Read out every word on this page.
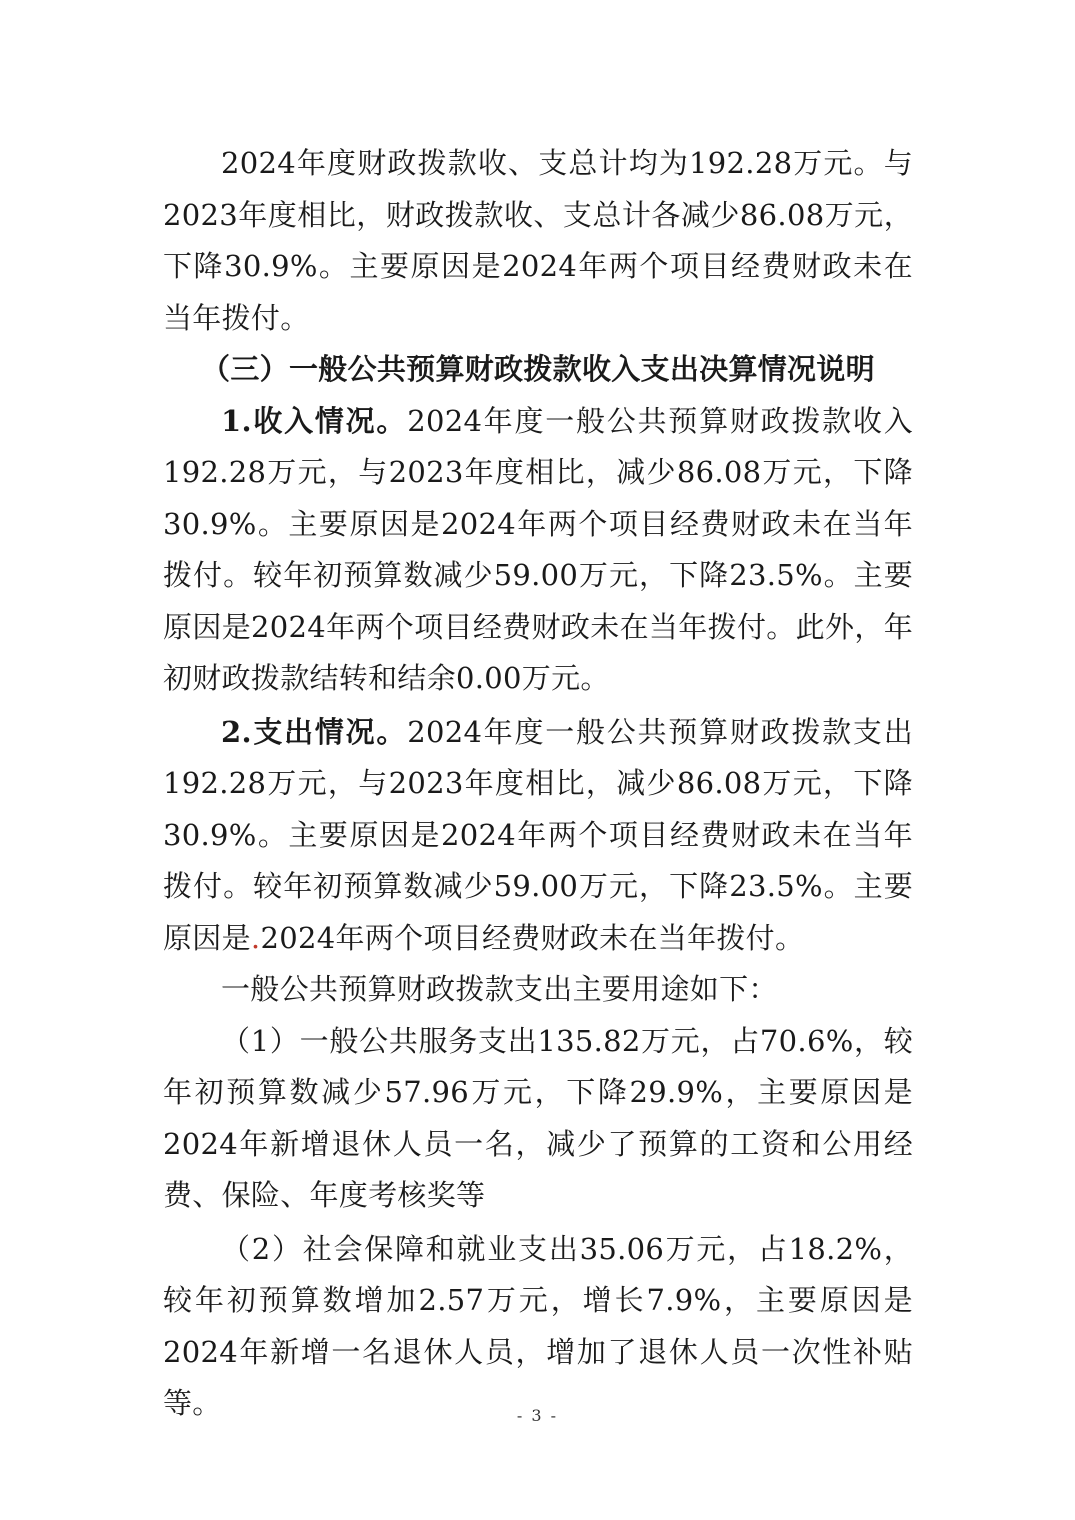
2024年度财政拨款收、支总计均为192.28万元。与2023年度相比，财政拨款收、支总计各减少86.08万元，下降30.9%。主要原因是2024年两个项目经费财政未在当年拨付。

（三）一般公共预算财政拨款收入支出决算情况说明

1.收入情况。2024年度一般公共预算财政拨款收入192.28万元，与2023年度相比，减少86.08万元，下降30.9%。主要原因是2024年两个项目经费财政未在当年拨付。较年初预算数减少59.00万元，下降23.5%。主要原因是2024年两个项目经费财政未在当年拨付。此外，年初财政拨款结转和结余0.00万元。

2.支出情况。2024年度一般公共预算财政拨款支出192.28万元，与2023年度相比，减少86.08万元，下降30.9%。主要原因是2024年两个项目经费财政未在当年拨付。较年初预算数减少59.00万元，下降23.5%。主要原因是.2024年两个项目经费财政未在当年拨付。

一般公共预算财政拨款支出主要用途如下：

（1）一般公共服务支出135.82万元，占70.6%，较年初预算数减少57.96万元，下降29.9%，主要原因是2024年新增退休人员一名，减少了预算的工资和公用经费、保险、年度考核奖等

（2）社会保障和就业支出35.06万元，占18.2%，较年初预算数增加2.57万元，增长7.9%，主要原因是2024年新增一名退休人员，增加了退休人员一次性补贴等。	- 3 -
